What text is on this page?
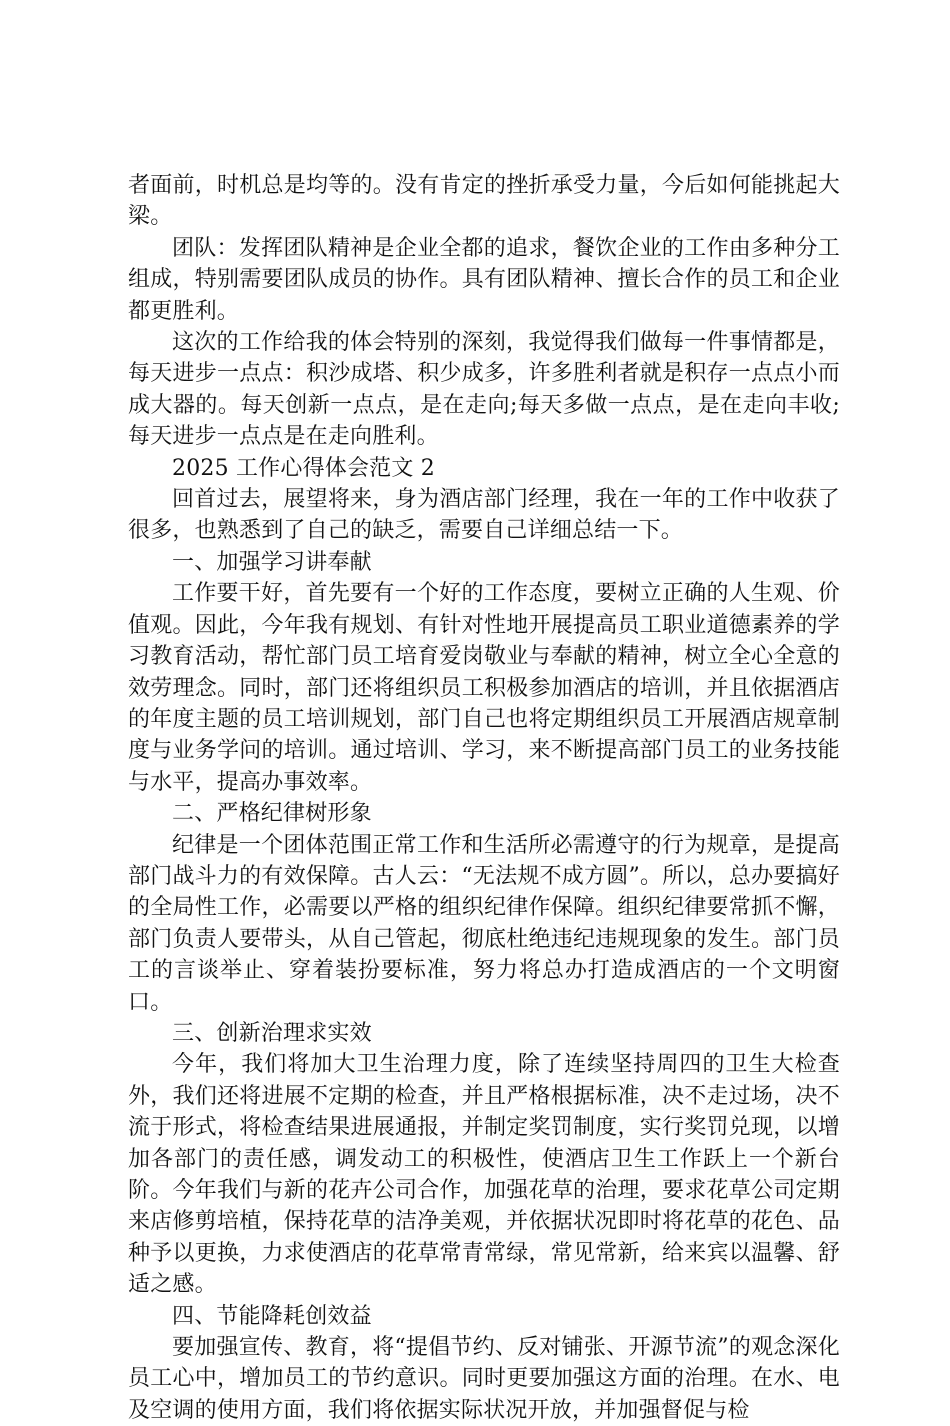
者面前，时机总是均等的。没有肯定的挫折承受力量，今后如何能挑起大梁。

团队：发挥团队精神是企业全都的追求，餐饮企业的工作由多种分工组成，特别需要团队成员的协作。具有团队精神、擅长合作的员工和企业都更胜利。

这次的工作给我的体会特别的深刻，我觉得我们做每一件事情都是，每天进步一点点：积沙成塔、积少成多，许多胜利者就是积存一点点小而成大器的。每天创新一点点，是在走向;每天多做一点点，是在走向丰收;每天进步一点点是在走向胜利。

2025 工作心得体会范文 2

回首过去，展望将来，身为酒店部门经理，我在一年的工作中收获了很多，也熟悉到了自己的缺乏，需要自己详细总结一下。

一、加强学习讲奉献

工作要干好，首先要有一个好的工作态度，要树立正确的人生观、价值观。因此，今年我有规划、有针对性地开展提高员工职业道德素养的学习教育活动，帮忙部门员工培育爱岗敬业与奉献的精神，树立全心全意的效劳理念。同时，部门还将组织员工积极参加酒店的培训，并且依据酒店的年度主题的员工培训规划，部门自己也将定期组织员工开展酒店规章制度与业务学问的培训。通过培训、学习，来不断提高部门员工的业务技能与水平，提高办事效率。

二、严格纪律树形象

纪律是一个团体范围正常工作和生活所必需遵守的行为规章，是提高部门战斗力的有效保障。古人云：“无法规不成方圆”。所以，总办要搞好的全局性工作，必需要以严格的组织纪律作保障。组织纪律要常抓不懈，部门负责人要带头，从自己管起，彻底杜绝违纪违规现象的发生。部门员工的言谈举止、穿着装扮要标准，努力将总办打造成酒店的一个文明窗口。

三、创新治理求实效

今年，我们将加大卫生治理力度，除了连续坚持周四的卫生大检查外，我们还将进展不定期的检查，并且严格根据标准，决不走过场，决不流于形式，将检查结果进展通报，并制定奖罚制度，实行奖罚兑现，以增加各部门的责任感，调发动工的积极性，使酒店卫生工作跃上一个新台阶。今年我们与新的花卉公司合作，加强花草的治理，要求花草公司定期来店修剪培植，保持花草的洁净美观，并依据状况即时将花草的花色、品种予以更换，力求使酒店的花草常青常绿，常见常新，给来宾以温馨、舒适之感。

四、节能降耗创效益

要加强宣传、教育，将“提倡节约、反对铺张、开源节流”的观念深化员工心中，增加员工的节约意识。同时更要加强这方面的治理。在水、电及空调的使用方面，我们将依据实际状况开放，并加强督促与检
